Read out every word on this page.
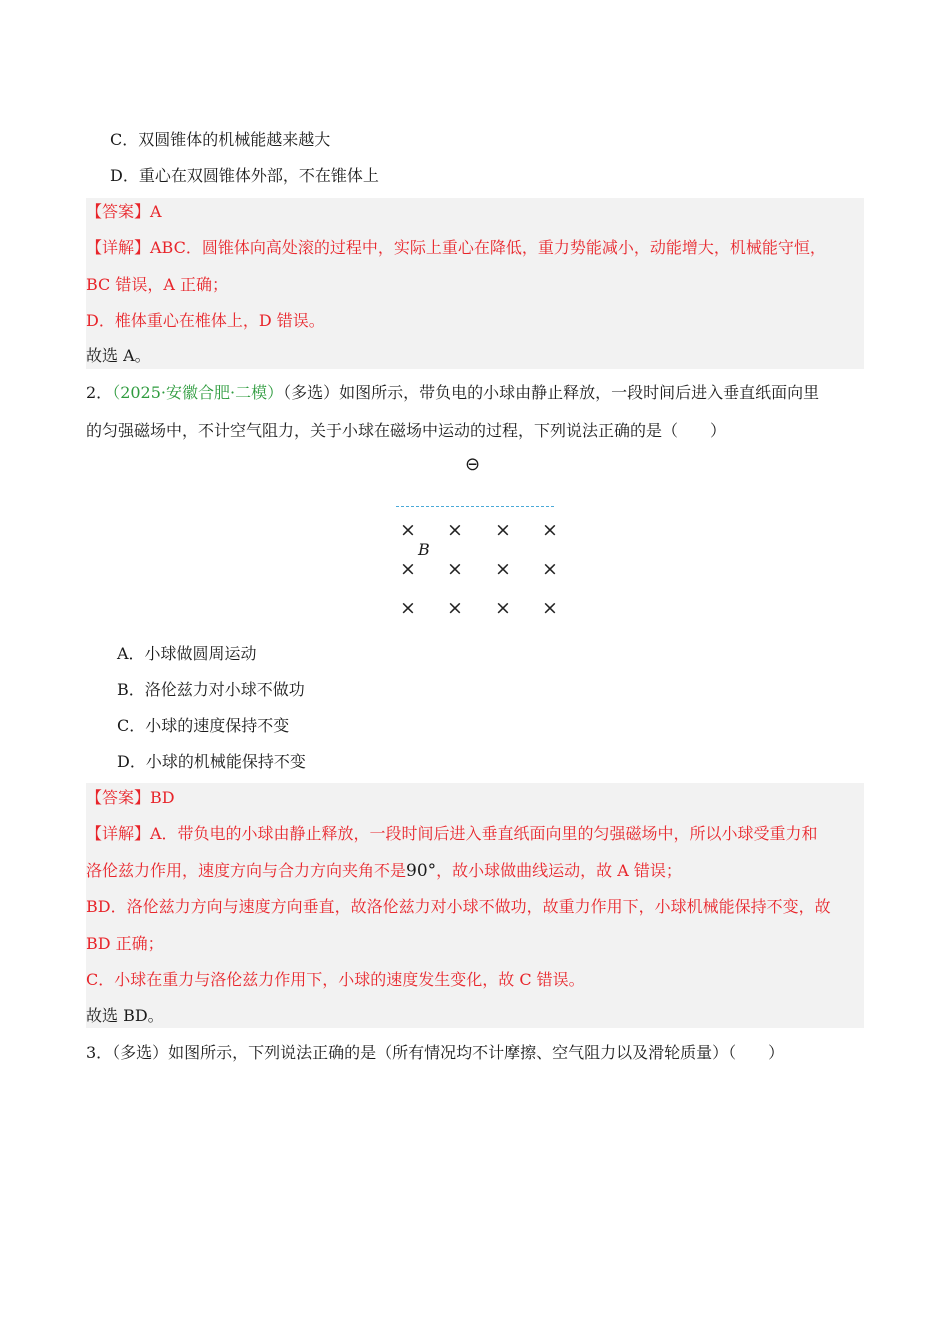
C．双圆锥体的机械能越来越大
D．重心在双圆锥体外部，不在锥体上
【答案】A
【详解】ABC．圆锥体向高处滚的过程中，实际上重心在降低，重力势能减小，动能增大，机械能守恒，
BC 错误，A 正确；
D．椎体重心在椎体上，D 错误。
故选 A。
2．（2025·安徽合肥·二模）（多选）如图所示，带负电的小球由静止释放，一段时间后进入垂直纸面向里
的匀强磁场中，不计空气阻力，关于小球在磁场中运动的过程，下列说法正确的是（　　）
⊖
B
× × × ×
× × × ×
× × × ×
A．小球做圆周运动
B．洛伦兹力对小球不做功
C．小球的速度保持不变
D．小球的机械能保持不变
【答案】BD
【详解】A．带负电的小球由静止释放，一段时间后进入垂直纸面向里的匀强磁场中，所以小球受重力和
洛伦兹力作用，速度方向与合力方向夹角不是90°，故小球做曲线运动，故 A 错误；
BD．洛伦兹力方向与速度方向垂直，故洛伦兹力对小球不做功，故重力作用下，小球机械能保持不变，故
BD 正确；
C．小球在重力与洛伦兹力作用下，小球的速度发生变化，故 C 错误。
故选 BD。
3．（多选）如图所示，下列说法正确的是（所有情况均不计摩擦、空气阻力以及滑轮质量）（　　）
